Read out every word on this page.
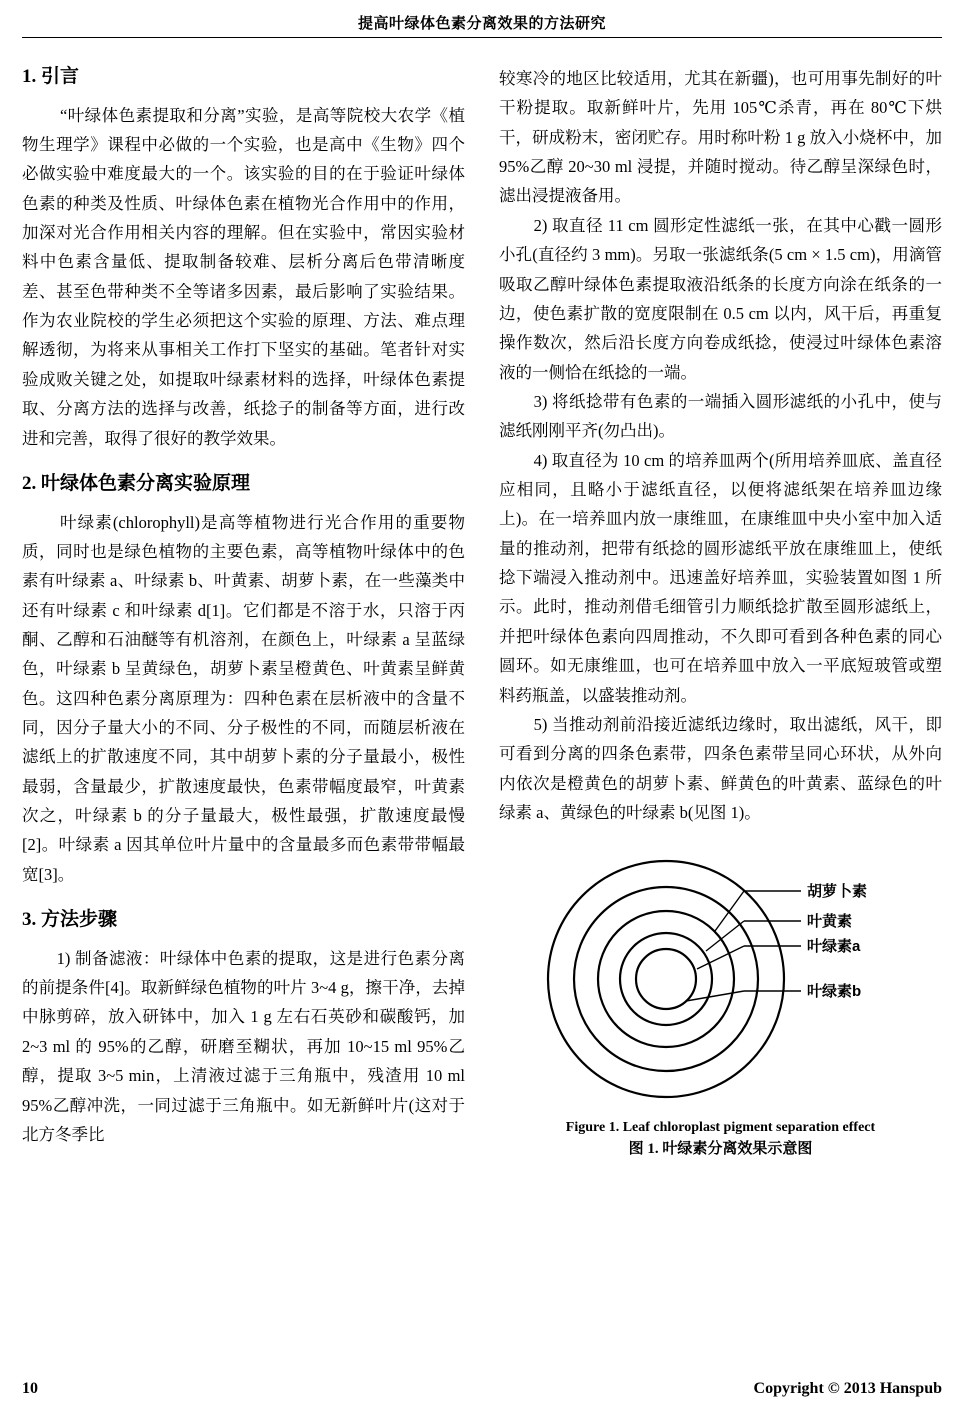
提高叶绿体色素分离效果的方法研究
1. 引言

“叶绿体色素提取和分离”实验，是高等院校大农学《植物生理学》课程中必做的一个实验，也是高中《生物》四个必做实验中难度最大的一个。该实验的目的在于验证叶绿体色素的种类及性质、叶绿体色素在植物光合作用中的作用，加深对光合作用相关内容的理解。但在实验中，常因实验材料中色素含量低、提取制备较难、层析分离后色带清晰度差、甚至色带种类不全等诸多因素，最后影响了实验结果。作为农业院校的学生必须把这个实验的原理、方法、难点理解透彻，为将来从事相关工作打下坚实的基础。笔者针对实验成败关键之处，如提取叶绿素材料的选择，叶绿体色素提取、分离方法的选择与改善，纸捻子的制备等方面，进行改进和完善，取得了很好的教学效果。

2. 叶绿体色素分离实验原理

叶绿素(chlorophyll)是高等植物进行光合作用的重要物质，同时也是绿色植物的主要色素，高等植物叶绿体中的色素有叶绿素 a、叶绿素 b、叶黄素、胡萝卜素，在一些藻类中还有叶绿素 c 和叶绿素 d[1]。它们都是不溶于水，只溶于丙酮、乙醇和石油醚等有机溶剂，在颜色上，叶绿素 a 呈蓝绿色，叶绿素 b 呈黄绿色，胡萝卜素呈橙黄色、叶黄素呈鲜黄色。这四种色素分离原理为：四种色素在层析液中的含量不同，因分子量大小的不同、分子极性的不同，而随层析液在滤纸上的扩散速度不同，其中胡萝卜素的分子量最小，极性最弱，含量最少，扩散速度最快，色素带幅度最窄，叶黄素次之，叶绿素 b 的分子量最大，极性最强，扩散速度最慢[2]。叶绿素 a 因其单位叶片量中的含量最多而色素带带幅最宽[3]。

3. 方法步骤

1) 制备滤液：叶绿体中色素的提取，这是进行色素分离的前提条件[4]。取新鲜绿色植物的叶片 3~4 g，擦干净，去掉中脉剪碎，放入研钵中，加入 1 g 左右石英砂和碳酸钙，加 2~3 ml 的 95%的乙醇，研磨至糊状，再加 10~15 ml 95%乙醇，提取 3~5 min，上清液过滤于三角瓶中，残渣用 10 ml 95%乙醇冲洗，一同过滤于三角瓶中。如无新鲜叶片(这对于北方冬季比

较寒冷的地区比较适用，尤其在新疆)，也可用事先制好的叶干粉提取。取新鲜叶片，先用 105℃杀青，再在 80℃下烘干，研成粉末，密闭贮存。用时称叶粉 1 g 放入小烧杯中，加 95%乙醇 20~30 ml 浸提，并随时搅动。待乙醇呈深绿色时，滤出浸提液备用。

2) 取直径 11 cm 圆形定性滤纸一张，在其中心戳一圆形小孔(直径约 3 mm)。另取一张滤纸条(5 cm × 1.5 cm)，用滴管吸取乙醇叶绿体色素提取液沿纸条的长度方向涂在纸条的一边，使色素扩散的宽度限制在 0.5 cm 以内，风干后，再重复操作数次，然后沿长度方向卷成纸捻，使浸过叶绿体色素溶液的一侧恰在纸捻的一端。

3) 将纸捻带有色素的一端插入圆形滤纸的小孔中，使与滤纸刚刚平齐(勿凸出)。

4) 取直径为 10 cm 的培养皿两个(所用培养皿底、盖直径应相同，且略小于滤纸直径，以便将滤纸架在培养皿边缘上)。在一培养皿内放一康维皿，在康维皿中央小室中加入适量的推动剂，把带有纸捻的圆形滤纸平放在康维皿上，使纸捻下端浸入推动剂中。迅速盖好培养皿，实验装置如图 1 所示。此时，推动剂借毛细管引力顺纸捻扩散至圆形滤纸上，并把叶绿体色素向四周推动，不久即可看到各种色素的同心圆环。如无康维皿，也可在培养皿中放入一平底短玻管或塑料药瓶盖，以盛装推动剂。

5) 当推动剂前沿接近滤纸边缘时，取出滤纸，风干，即可看到分离的四条色素带，四条色素带呈同心环状，从外向内依次是橙黄色的胡萝卜素、鲜黄色的叶黄素、蓝绿色的叶绿素 a、黄绿色的叶绿素 b(见图 1)。

胡萝卜素
叶黄素
叶绿素a
叶绿素b
Figure 1. Leaf chloroplast pigment separation effect
图 1. 叶绿素分离效果示意图
10	Copyright © 2013 Hanspub
